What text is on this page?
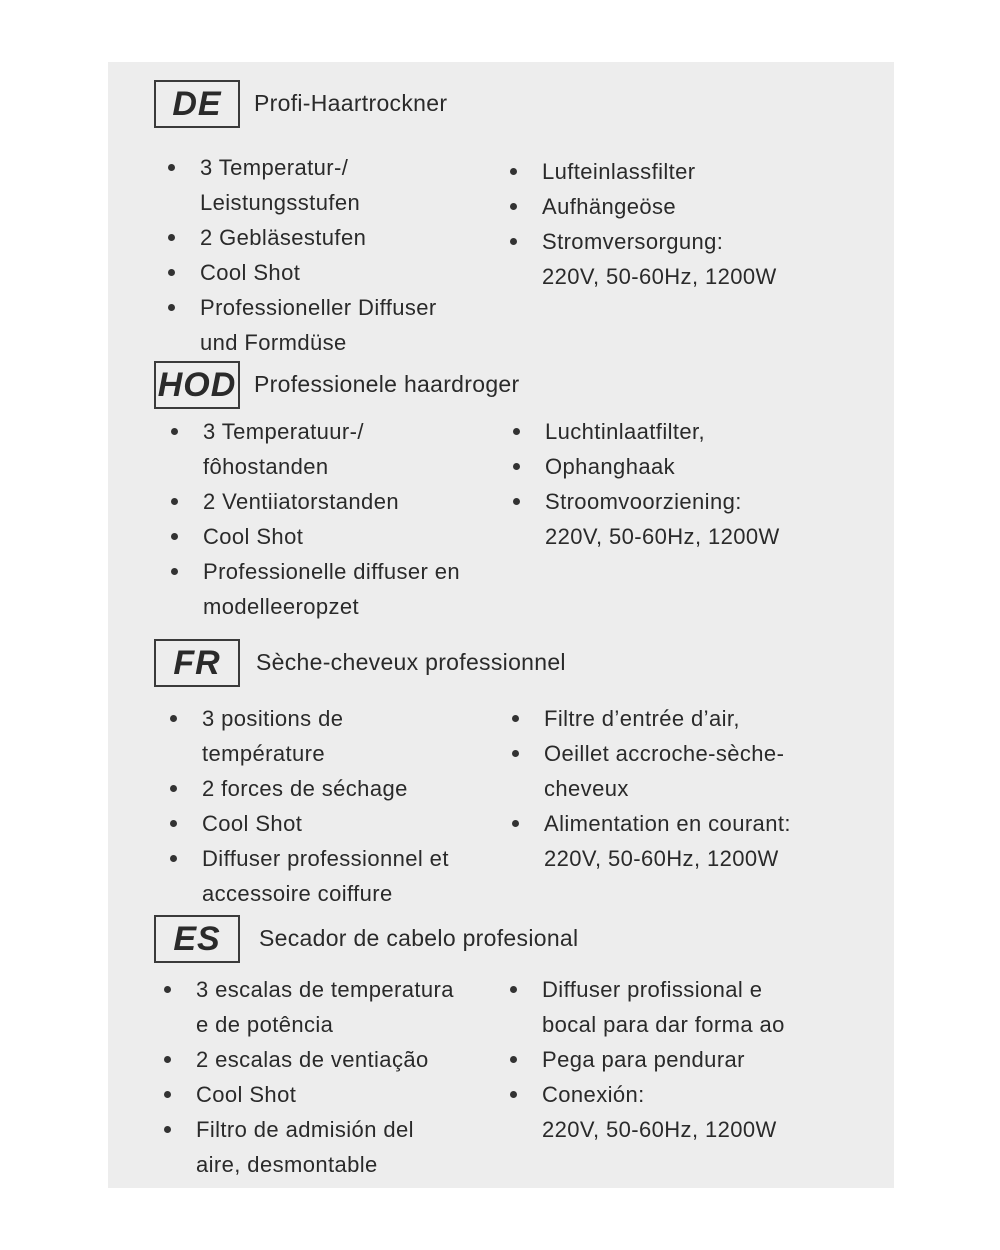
DE	Profi-Haartrockner
3 Temperatur-/
Leistungsstufen
2 Gebläsestufen
Cool Shot
Professioneller Diffuser
und Formdüse
Lufteinlassfilter
Aufhängeöse
Stromversorgung:
220V, 50-60Hz, 1200W
HOD Professionele haardroger
3 Temperatuur-/
fôhostanden
2 Ventiiatorstanden
Cool Shot
Professionelle diffuser en
modelleeropzet
Luchtinlaatfilter,
Ophanghaak
Stroomvoorziening:
220V, 50-60Hz, 1200W
FR	Sèche-cheveux professionnel
3 positions de
température
2 forces de séchage
Cool Shot
Diffuser professionnel et
accessoire coiffure
Filtre d’entrée d’air,
Oeillet accroche-sèche-
cheveux
Alimentation en courant:
220V, 50-60Hz, 1200W
ES	Secador de cabelo profesional
3 escalas de temperatura
e de potência
2 escalas de ventiação
Cool Shot
Filtro de admisión del
aire, desmontable
Diffuser profissional e
bocal para dar forma ao
Pega para pendurar
Conexión:
220V, 50-60Hz, 1200W
